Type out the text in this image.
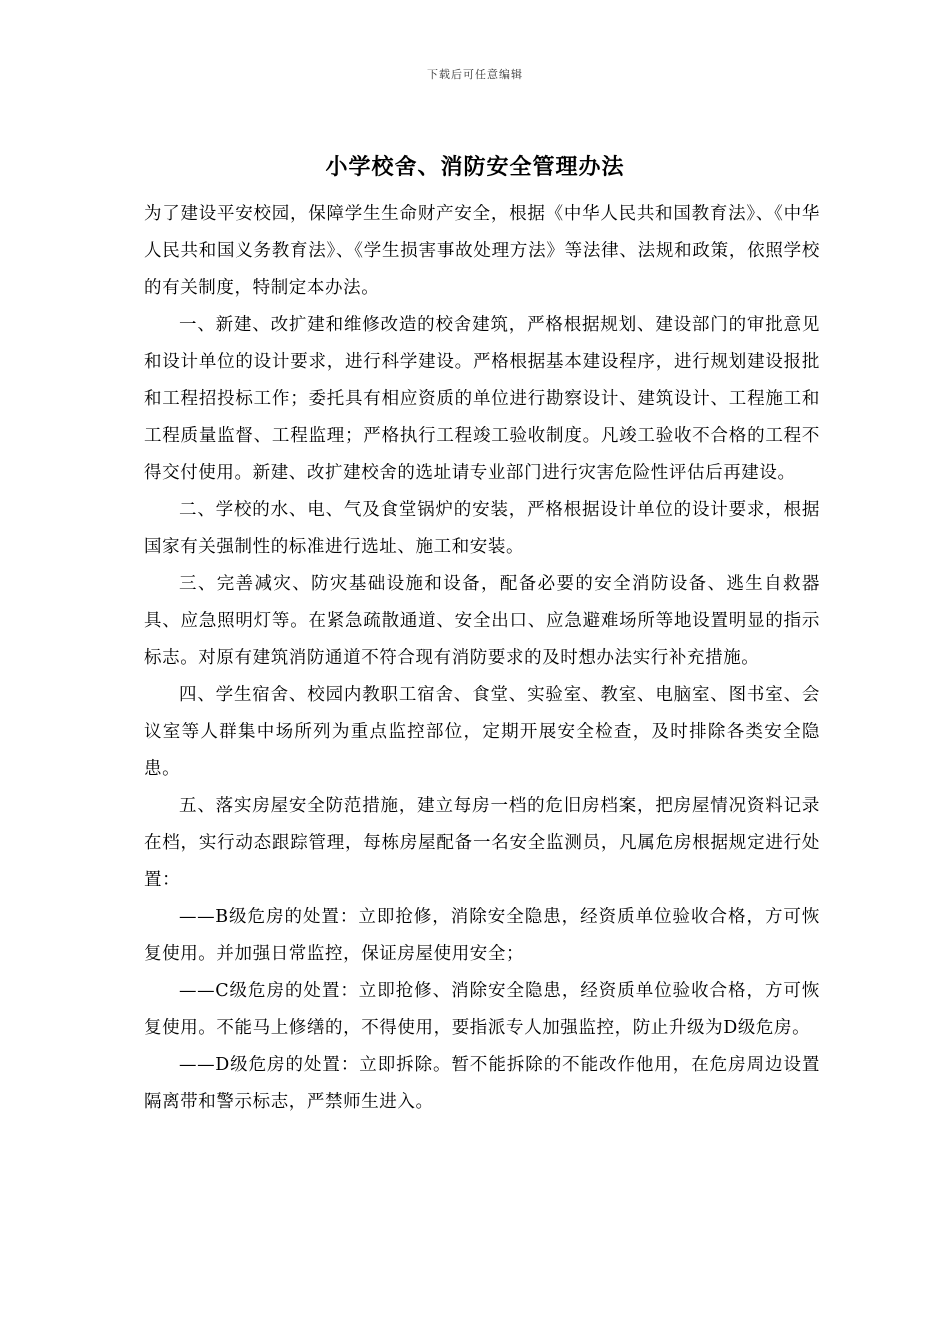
下载后可任意编辑
小学校舍、消防安全管理办法

为了建设平安校园，保障学生生命财产安全，根据《中华人民共和国教育法》、《中华人民共和国义务教育法》、《学生损害事故处理方法》等法律、法规和政策，依照学校的有关制度，特制定本办法。

一、新建、改扩建和维修改造的校舍建筑，严格根据规划、建设部门的审批意见和设计单位的设计要求，进行科学建设。严格根据基本建设程序，进行规划建设报批和工程招投标工作；委托具有相应资质的单位进行勘察设计、建筑设计、工程施工和工程质量监督、工程监理；严格执行工程竣工验收制度。凡竣工验收不合格的工程不得交付使用。新建、改扩建校舍的选址请专业部门进行灾害危险性评估后再建设。

二、学校的水、电、气及食堂锅炉的安装，严格根据设计单位的设计要求，根据国家有关强制性的标准进行选址、施工和安装。

三、完善减灾、防灾基础设施和设备，配备必要的安全消防设备、逃生自救器具、应急照明灯等。在紧急疏散通道、安全出口、应急避难场所等地设置明显的指示标志。对原有建筑消防通道不符合现有消防要求的及时想办法实行补充措施。

四、学生宿舍、校园内教职工宿舍、食堂、实验室、教室、电脑室、图书室、会议室等人群集中场所列为重点监控部位，定期开展安全检查，及时排除各类安全隐患。

五、落实房屋安全防范措施，建立每房一档的危旧房档案，把房屋情况资料记录在档，实行动态跟踪管理，每栋房屋配备一名安全监测员，凡属危房根据规定进行处置：

——B级危房的处置：立即抢修，消除安全隐患，经资质单位验收合格，方可恢复使用。并加强日常监控，保证房屋使用安全；

——C级危房的处置：立即抢修、消除安全隐患，经资质单位验收合格，方可恢复使用。不能马上修缮的，不得使用，要指派专人加强监控，防止升级为D级危房。

——D级危房的处置：立即拆除。暂不能拆除的不能改作他用，在危房周边设置隔离带和警示标志，严禁师生进入。
